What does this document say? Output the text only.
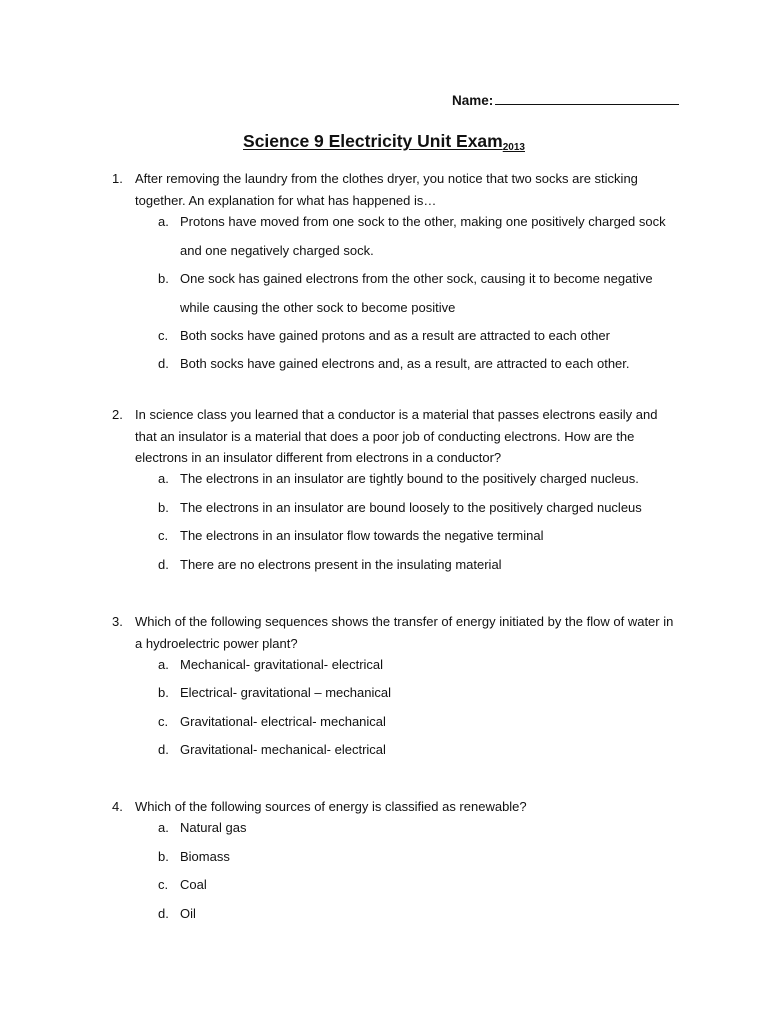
Name:
Science 9 Electricity Unit Exam$_{2013}$
1. After removing the laundry from the clothes dryer, you notice that two socks are sticking together. An explanation for what has happened is…
a. Protons have moved from one sock to the other, making one positively charged sock and one negatively charged sock.
b. One sock has gained electrons from the other sock, causing it to become negative while causing the other sock to become positive
c. Both socks have gained protons and as a result are attracted to each other
d. Both socks have gained electrons and, as a result, are attracted to each other.
2. In science class you learned that a conductor is a material that passes electrons easily and that an insulator is a material that does a poor job of conducting electrons. How are the electrons in an insulator different from electrons in a conductor?
a. The electrons in an insulator are tightly bound to the positively charged nucleus.
b. The electrons in an insulator are bound loosely to the positively charged nucleus
c. The electrons in an insulator flow towards the negative terminal
d. There are no electrons present in the insulating material
3. Which of the following sequences shows the transfer of energy initiated by the flow of water in a hydroelectric power plant?
a. Mechanical- gravitational- electrical
b. Electrical- gravitational – mechanical
c. Gravitational- electrical- mechanical
d. Gravitational- mechanical- electrical
4. Which of the following sources of energy is classified as renewable?
a. Natural gas
b. Biomass
c. Coal
d. Oil
